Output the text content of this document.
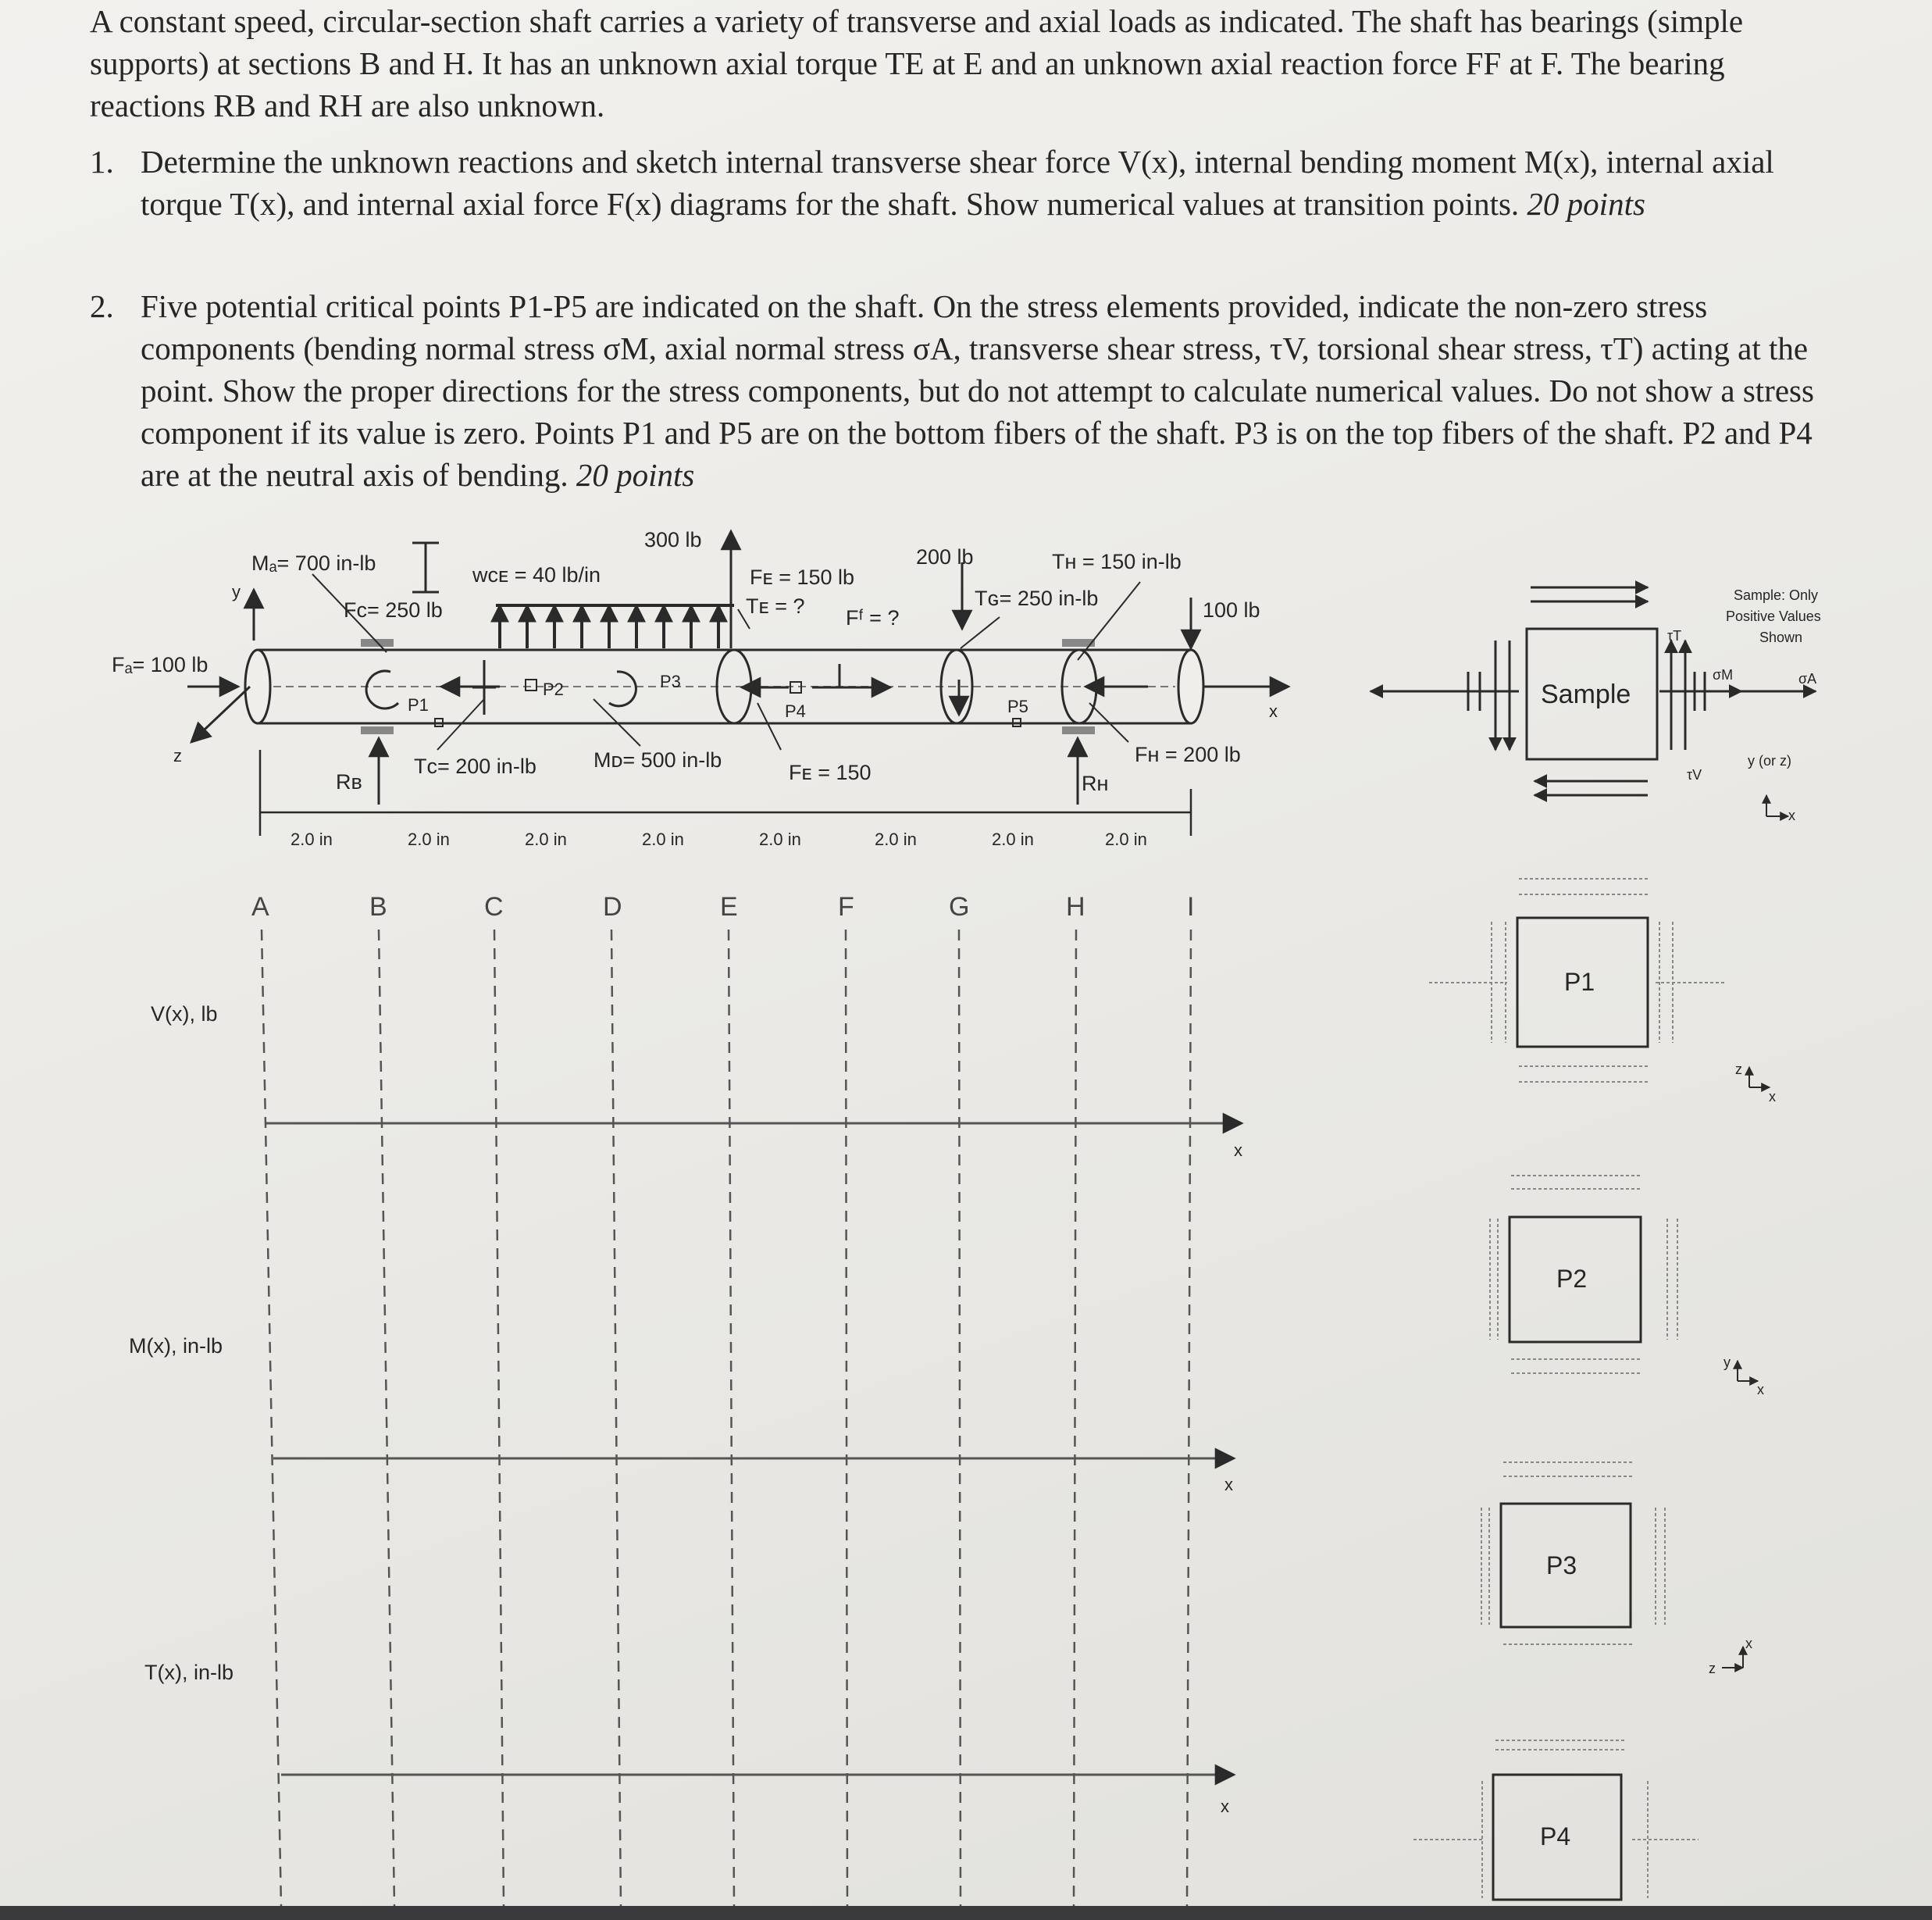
A constant speed, circular-section shaft carries a variety of transverse and axial loads as indicated. The shaft has bearings (simple supports) at sections B and H. It has an unknown axial torque TE at E and an unknown axial reaction force FF at F. The bearing reactions RB and RH are also unknown.
1. Determine the unknown reactions and sketch internal transverse shear force V(x), internal bending moment M(x), internal axial torque T(x), and internal axial force F(x) diagrams for the shaft. Show numerical values at transition points. 20 points
2. Five potential critical points P1-P5 are indicated on the shaft. On the stress elements provided, indicate the non-zero stress components (bending normal stress σM, axial normal stress σA, transverse shear stress, τV, torsional shear stress, τT) acting at the point. Show the proper directions for the stress components, but do not attempt to calculate numerical values. Do not show a stress component if its value is zero. Points P1 and P5 are on the bottom fibers of the shaft. P3 is on the top fibers of the shaft. P2 and P4 are at the neutral axis of bending. 20 points
Mₐ= 700 in-lb
Fᴄ= 250 lb
wᴄᴇ = 40 lb/in
300 lb
Fᴇ = 150 lb
Tᴇ = ? Fᶠ = ?
200 lb	Tʜ = 150 in-lb
Tɢ= 250 in-lb	100 lb
Fₐ= 100 lb
Tᴄ= 200 in-lb	Mᴅ= 500 in-lb
Fᴇ = 150
Fʜ = 200 lb
Rʙ	Rʜ
y
z
x
P1
P2	P3
P4	P5
2.0 in	2.0 in	2.0 in	2.0 in	2.0 in	2.0 in	2.0 in	2.0 in
A	B	C	D	E	F	G	H	I
V(x), lb
M(x), in-lb
T(x), in-lb
x
x
x
Sample
Sample: Only
Positive Values
Shown
τT
τV
σM	σA
y (or z)
x
P1
z
x
P2
y
x
P3
x
z
P4
